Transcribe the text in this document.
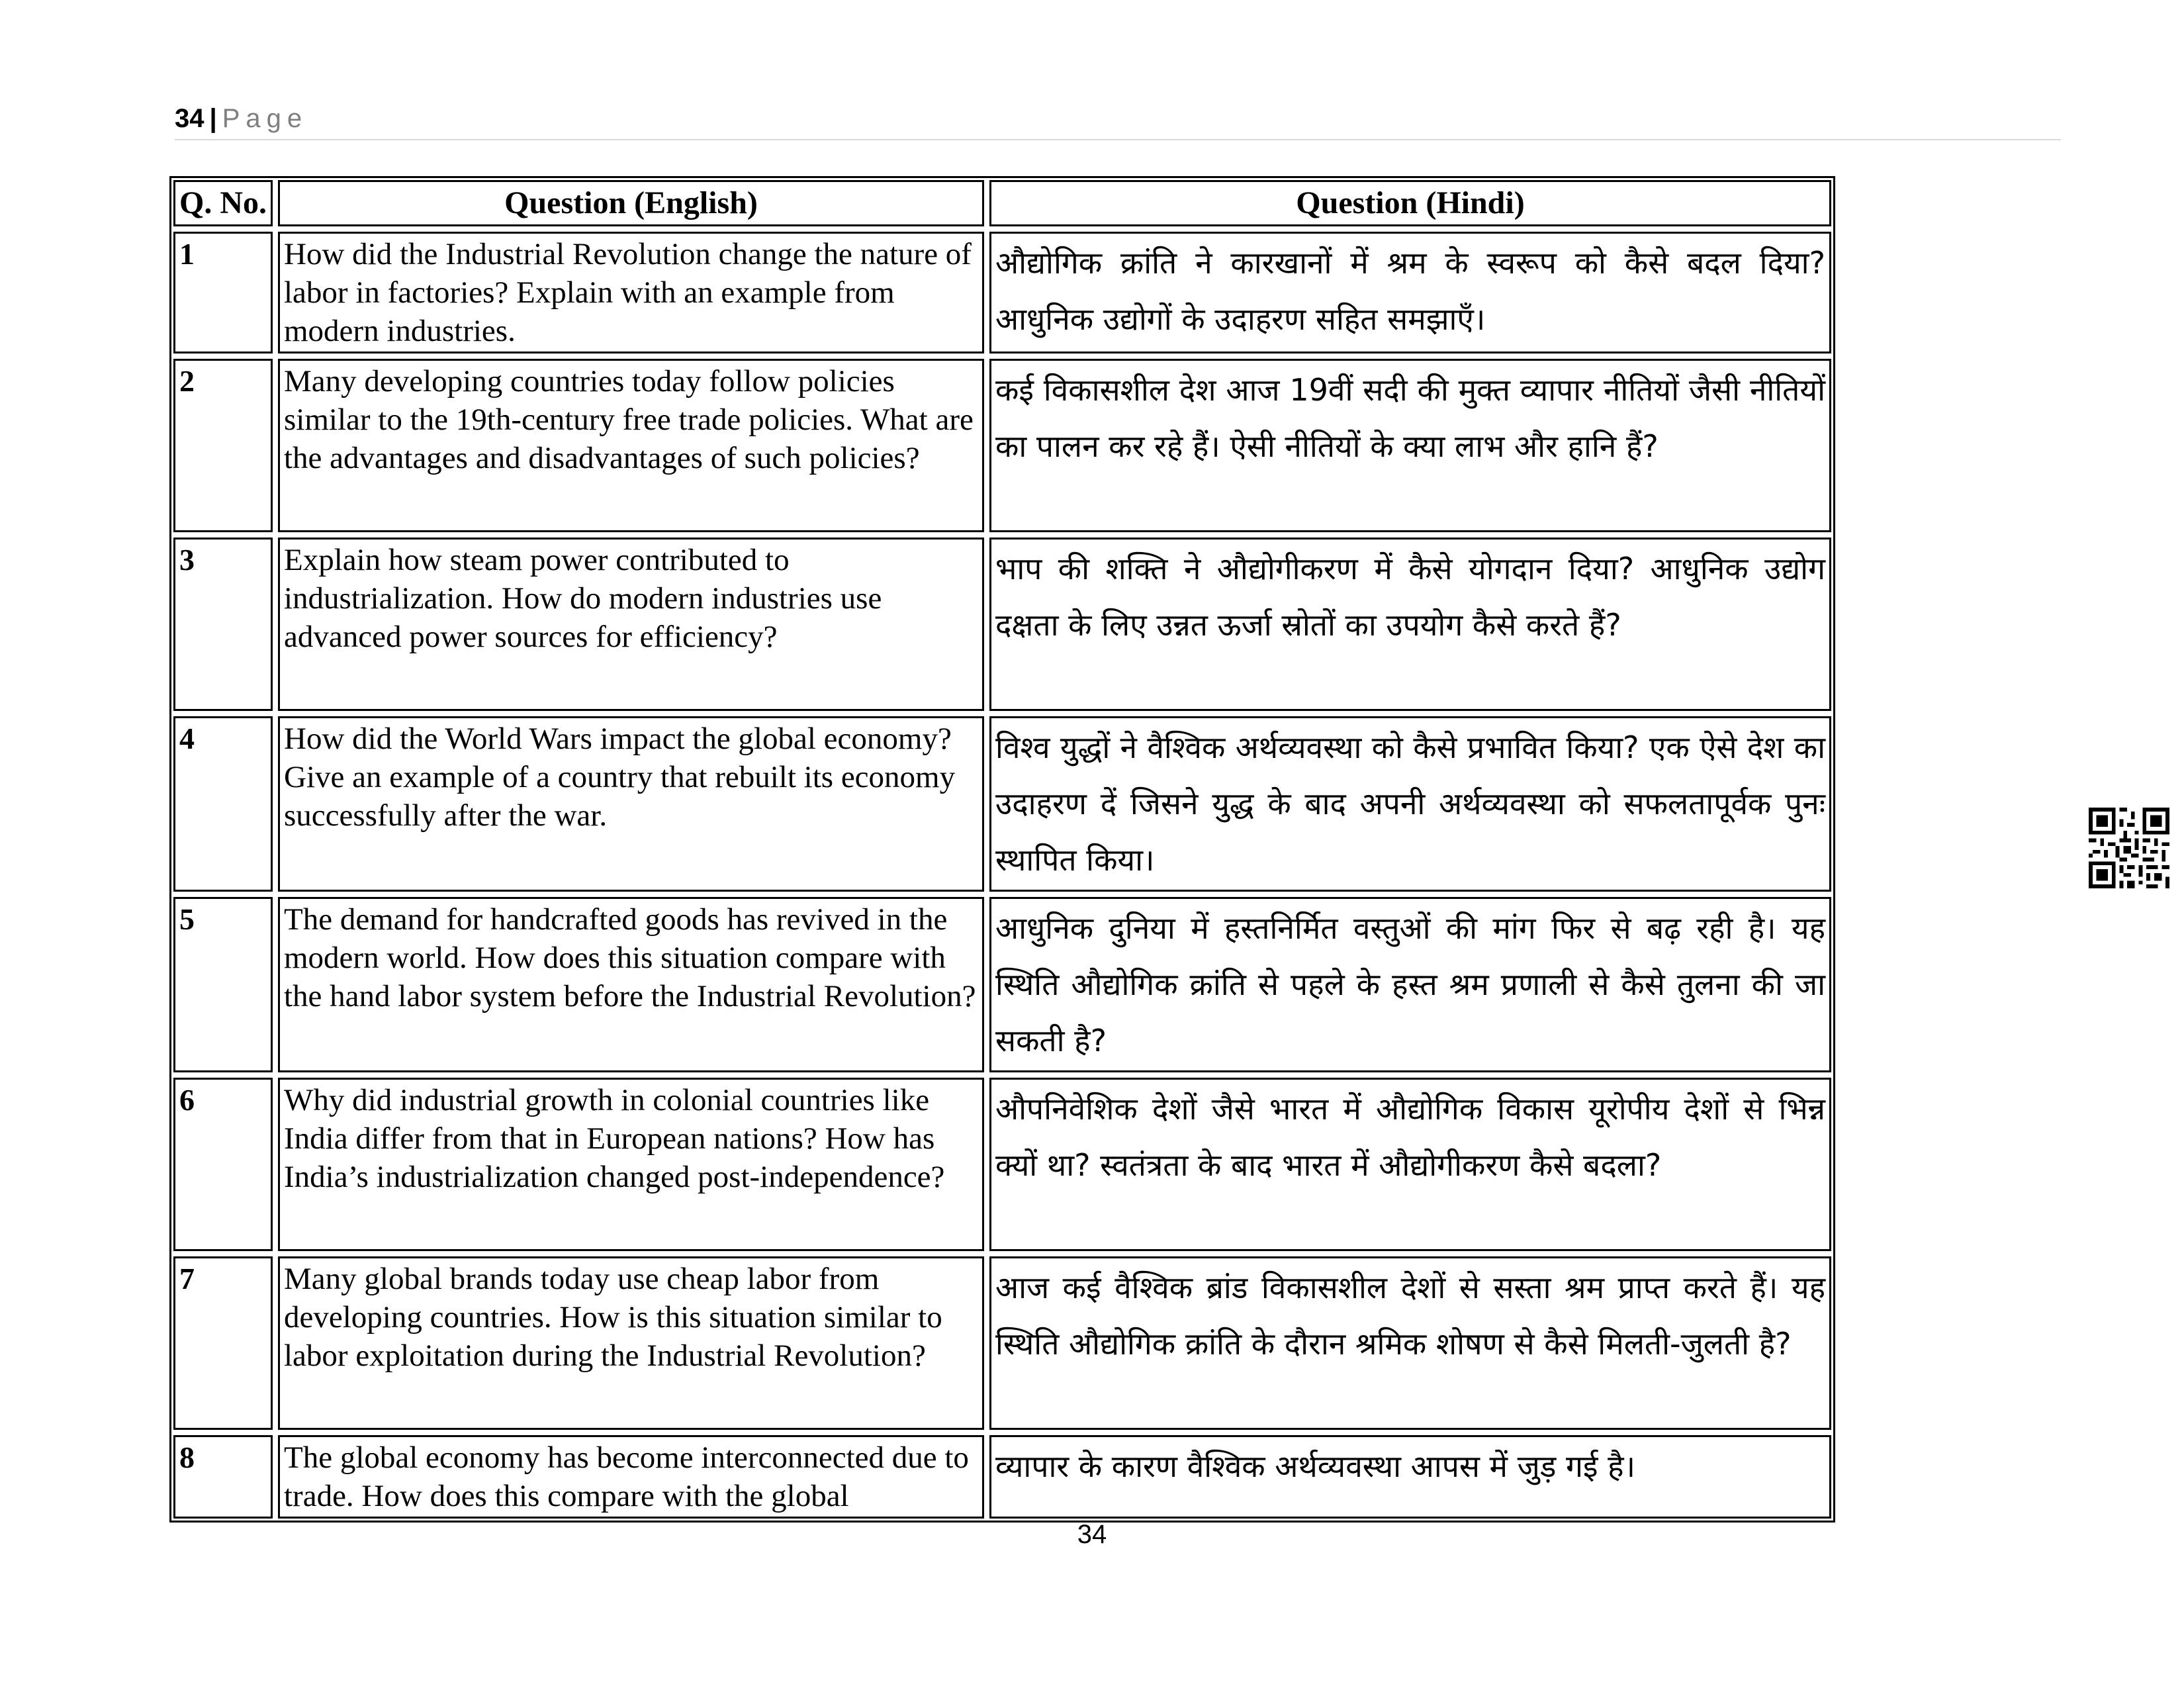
34 | Page
Q. No.	Question (English)	Question (Hindi)
1	How did the Industrial Revolution change the nature of labor in factories? Explain with an example from modern industries.	औद्योगिक क्रांति ने कारखानों में श्रम के स्वरूप को कैसे बदल दिया? आधुनिक उद्योगों के उदाहरण सहित समझाएँ।
2	Many developing countries today follow policies similar to the 19th-century free trade policies. What are the advantages and disadvantages of such policies?	कई विकासशील देश आज 19वीं सदी की मुक्त व्यापार नीतियों जैसी नीतियों का पालन कर रहे हैं। ऐसी नीतियों के क्या लाभ और हानि हैं?
3	Explain how steam power contributed to industrialization. How do modern industries use advanced power sources for efficiency?	भाप की शक्ति ने औद्योगीकरण में कैसे योगदान दिया? आधुनिक उद्योग दक्षता के लिए उन्नत ऊर्जा स्रोतों का उपयोग कैसे करते हैं?
4	How did the World Wars impact the global economy? Give an example of a country that rebuilt its economy successfully after the war.	विश्व युद्धों ने वैश्विक अर्थव्यवस्था को कैसे प्रभावित किया? एक ऐसे देश का उदाहरण दें जिसने युद्ध के बाद अपनी अर्थव्यवस्था को सफलतापूर्वक पुनः स्थापित किया।
5	The demand for handcrafted goods has revived in the modern world. How does this situation compare with the hand labor system before the Industrial Revolution?	आधुनिक दुनिया में हस्तनिर्मित वस्तुओं की मांग फिर से बढ़ रही है। यह स्थिति औद्योगिक क्रांति से पहले के हस्त श्रम प्रणाली से कैसे तुलना की जा सकती है?
6	Why did industrial growth in colonial countries like India differ from that in European nations? How has India’s industrialization changed post-independence?	औपनिवेशिक देशों जैसे भारत में औद्योगिक विकास यूरोपीय देशों से भिन्न क्यों था? स्वतंत्रता के बाद भारत में औद्योगीकरण कैसे बदला?
7	Many global brands today use cheap labor from developing countries. How is this situation similar to labor exploitation during the Industrial Revolution?	आज कई वैश्विक ब्रांड विकासशील देशों से सस्ता श्रम प्राप्त करते हैं। यह स्थिति औद्योगिक क्रांति के दौरान श्रमिक शोषण से कैसे मिलती-जुलती है?
8	The global economy has become interconnected due to trade. How does this compare with the global	व्यापार के कारण वैश्विक अर्थव्यवस्था आपस में जुड़ गई है।
34
